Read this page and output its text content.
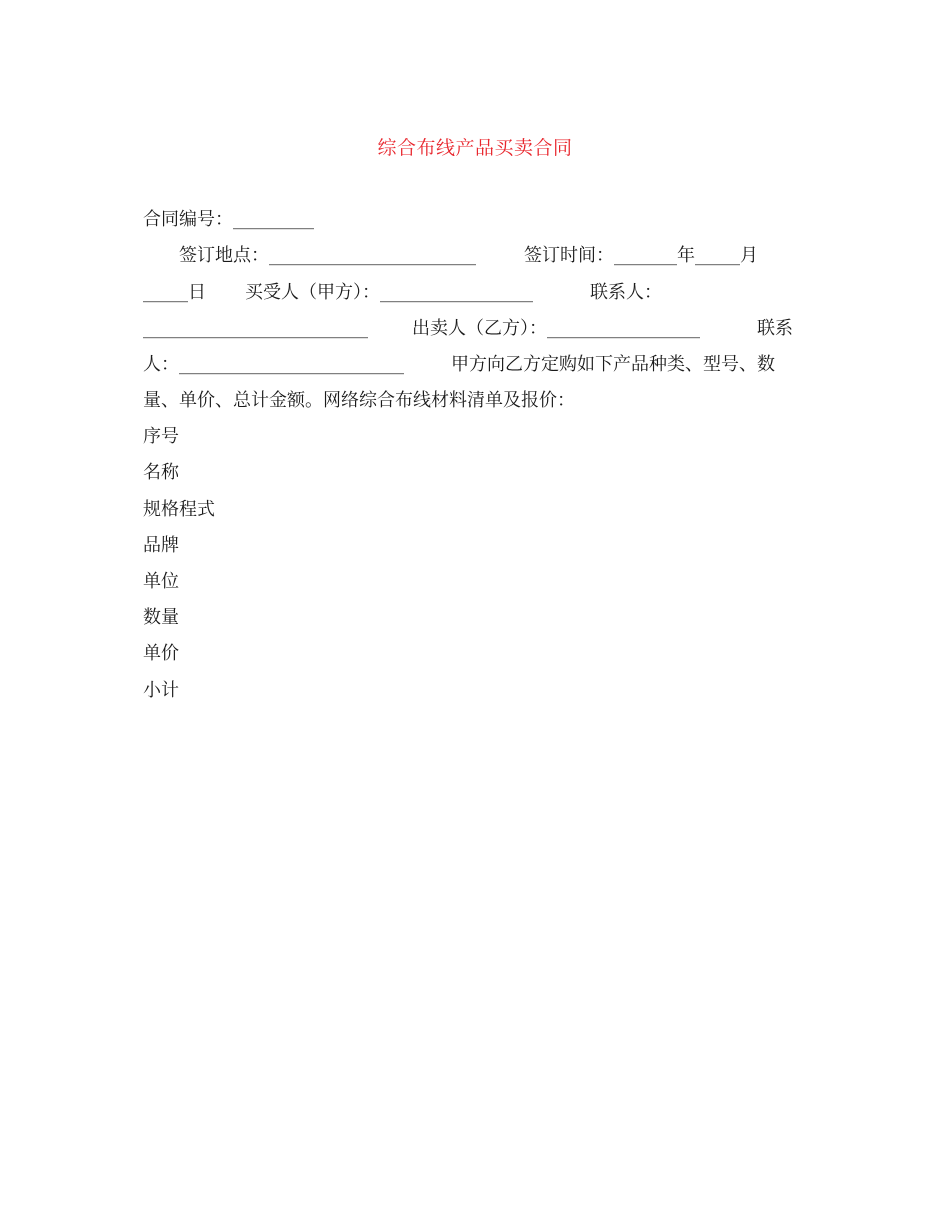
综合布线产品买卖合同
合同编号：_________
签订地点：_______________________	签订时间：_______年_____月
_____日 买受人（甲方）：_________________	联系人：
_________________________ 出卖人（乙方）：_________________	联系
人：_________________________	甲方向乙方定购如下产品种类、型号、数
量、单价、总计金额。网络综合布线材料清单及报价：
序号
名称
规格程式
品牌
单位
数量
单价
小计
